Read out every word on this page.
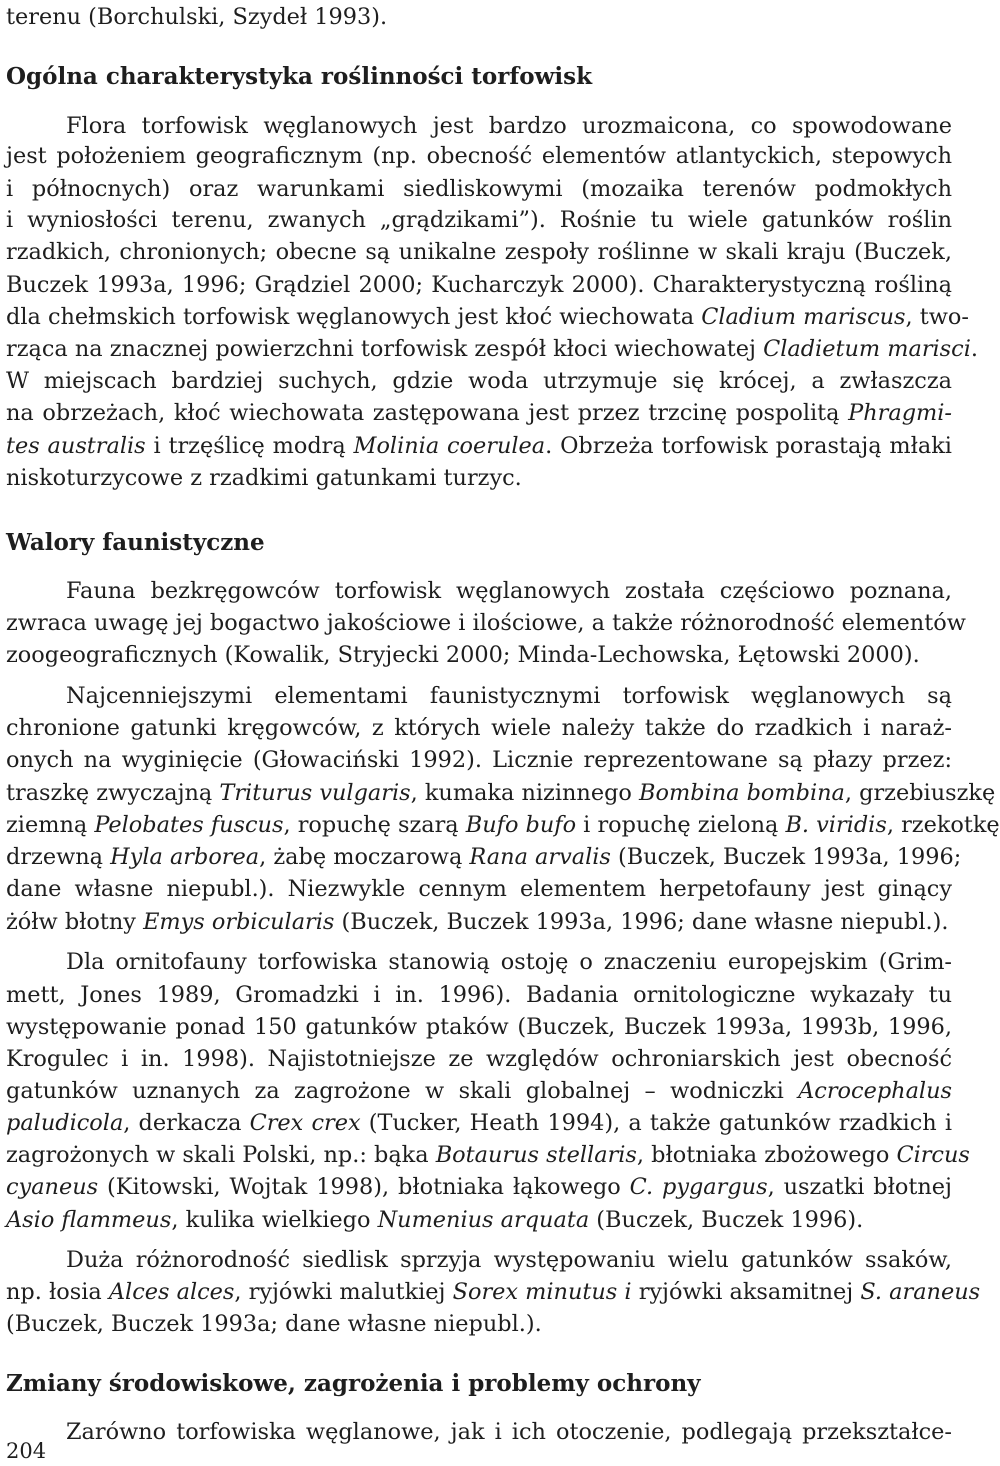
terenu (Borchulski, Szydeł 1993).
Ogólna charakterystyka roślinności torfowisk
Flora torfowisk węglanowych jest bardzo urozmaicona, co spowodowane
jest położeniem geograficznym (np. obecność elementów atlantyckich, stepowych
i północnych) oraz warunkami siedliskowymi (mozaika terenów podmokłych
i wyniosłości terenu, zwanych „grądzikami”). Rośnie tu wiele gatunków roślin
rzadkich, chronionych; obecne są unikalne zespoły roślinne w skali kraju (Buczek,
Buczek 1993a, 1996; Grądziel 2000; Kucharczyk 2000). Charakterystyczną rośliną
dla chełmskich torfowisk węglanowych jest kłoć wiechowata Cladium mariscus, two-
rząca na znacznej powierzchni torfowisk zespół kłoci wiechowatej Cladietum marisci.
W miejscach bardziej suchych, gdzie woda utrzymuje się krócej, a zwłaszcza
na obrzeżach, kłoć wiechowata zastępowana jest przez trzcinę pospolitą Phragmi-
tes australis i trzęślicę modrą Molinia coerulea. Obrzeża torfowisk porastają młaki
niskoturzycowe z rzadkimi gatunkami turzyc.
Walory faunistyczne
Fauna bezkręgowców torfowisk węglanowych została częściowo poznana,
zwraca uwagę jej bogactwo jakościowe i ilościowe, a także różnorodność elementów
zoogeograficznych (Kowalik, Stryjecki 2000; Minda-Lechowska, Łętowski 2000).
Najcenniejszymi elementami faunistycznymi torfowisk węglanowych są
chronione gatunki kręgowców, z których wiele należy także do rzadkich i naraż-
onych na wyginięcie (Głowaciński 1992). Licznie reprezentowane są płazy przez:
traszkę zwyczajną Triturus vulgaris, kumaka nizinnego Bombina bombina, grzebiuszkę
ziemną Pelobates fuscus, ropuchę szarą Bufo bufo i ropuchę zieloną B. viridis, rzekotkę
drzewną Hyla arborea, żabę moczarową Rana arvalis (Buczek, Buczek 1993a, 1996;
dane własne niepubl.). Niezwykle cennym elementem herpetofauny jest ginący
żółw błotny Emys orbicularis (Buczek, Buczek 1993a, 1996; dane własne niepubl.).
Dla ornitofauny torfowiska stanowią ostoję o znaczeniu europejskim (Grim-
mett, Jones 1989, Gromadzki i in. 1996). Badania ornitologiczne wykazały tu
występowanie ponad 150 gatunków ptaków (Buczek, Buczek 1993a, 1993b, 1996,
Krogulec i in. 1998). Najistotniejsze ze względów ochroniarskich jest obecność
gatunków uznanych za zagrożone w skali globalnej – wodniczki Acrocephalus
paludicola, derkacza Crex crex (Tucker, Heath 1994), a także gatunków rzadkich i
zagrożonych w skali Polski, np.: bąka Botaurus stellaris, błotniaka zbożowego Circus
cyaneus (Kitowski, Wojtak 1998), błotniaka łąkowego C. pygargus, uszatki błotnej
Asio flammeus, kulika wielkiego Numenius arquata (Buczek, Buczek 1996).
Duża różnorodność siedlisk sprzyja występowaniu wielu gatunków ssaków,
np. łosia Alces alces, ryjówki malutkiej Sorex minutus i ryjówki aksamitnej S. araneus
(Buczek, Buczek 1993a; dane własne niepubl.).
Zmiany środowiskowe, zagrożenia i problemy ochrony
Zarówno torfowiska węglanowe, jak i ich otoczenie, podlegają przekształce-
204
